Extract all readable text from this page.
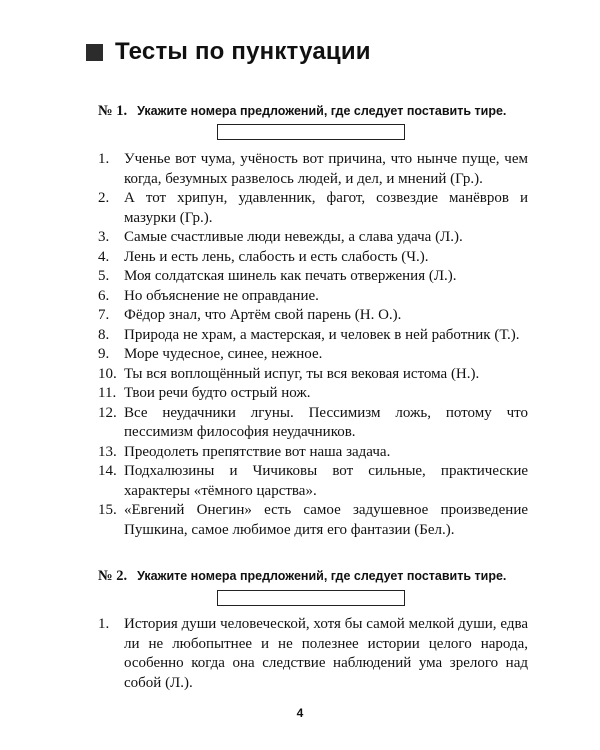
Тесты по пунктуации
№ 1. Укажите номера предложений, где следует поставить тире.
1. Ученье вот чума, учёность вот причина, что нынче пуще, чем когда, безумных развелось людей, и дел, и мнений (Гр.).
2. А тот хрипун, удавленник, фагот, созвездие манёвров и мазурки (Гр.).
3. Самые счастливые люди невежды, а слава удача (Л.).
4. Лень и есть лень, слабость и есть слабость (Ч.).
5. Моя солдатская шинель как печать отвержения (Л.).
6. Но объяснение не оправдание.
7. Фёдор знал, что Артём свой парень (Н. О.).
8. Природа не храм, а мастерская, и человек в ней работник (Т.).
9. Море чудесное, синее, нежное.
10. Ты вся воплощённый испуг, ты вся вековая истома (Н.).
11. Твои речи будто острый нож.
12. Все неудачники лгуны. Пессимизм ложь, потому что пессимизм философия неудачников.
13. Преодолеть препятствие вот наша задача.
14. Подхалюзины и Чичиковы вот сильные, практические характеры «тёмного царства».
15. «Евгений Онегин» есть самое задушевное произведение Пушкина, самое любимое дитя его фантазии (Бел.).
№ 2. Укажите номера предложений, где следует поставить тире.
1. История души человеческой, хотя бы самой мелкой души, едва ли не любопытнее и не полезнее истории целого народа, особенно когда она следствие наблюдений ума зрелого над собой (Л.).
4
